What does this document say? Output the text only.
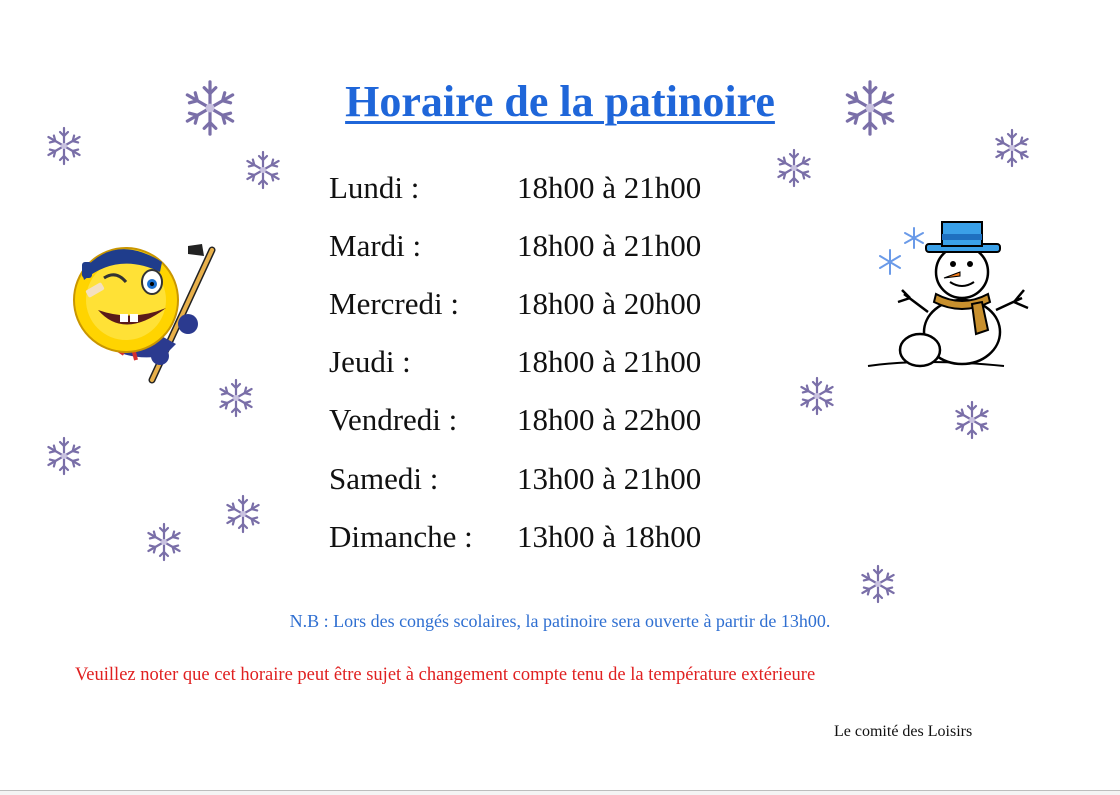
Horaire de la patinoire
Lundi :	18h00 à 21h00
Mardi :	18h00 à 21h00
Mercredi : 18h00 à 20h00
Jeudi :	18h00 à 21h00
Vendredi : 18h00 à 22h00
Samedi :	13h00 à 21h00
Dimanche : 13h00 à 18h00
N.B : Lors des congés scolaires, la patinoire sera ouverte à partir de 13h00.
Veuillez noter que cet horaire peut être sujet à changement compte tenu de la température extérieure
Le comité des Loisirs
